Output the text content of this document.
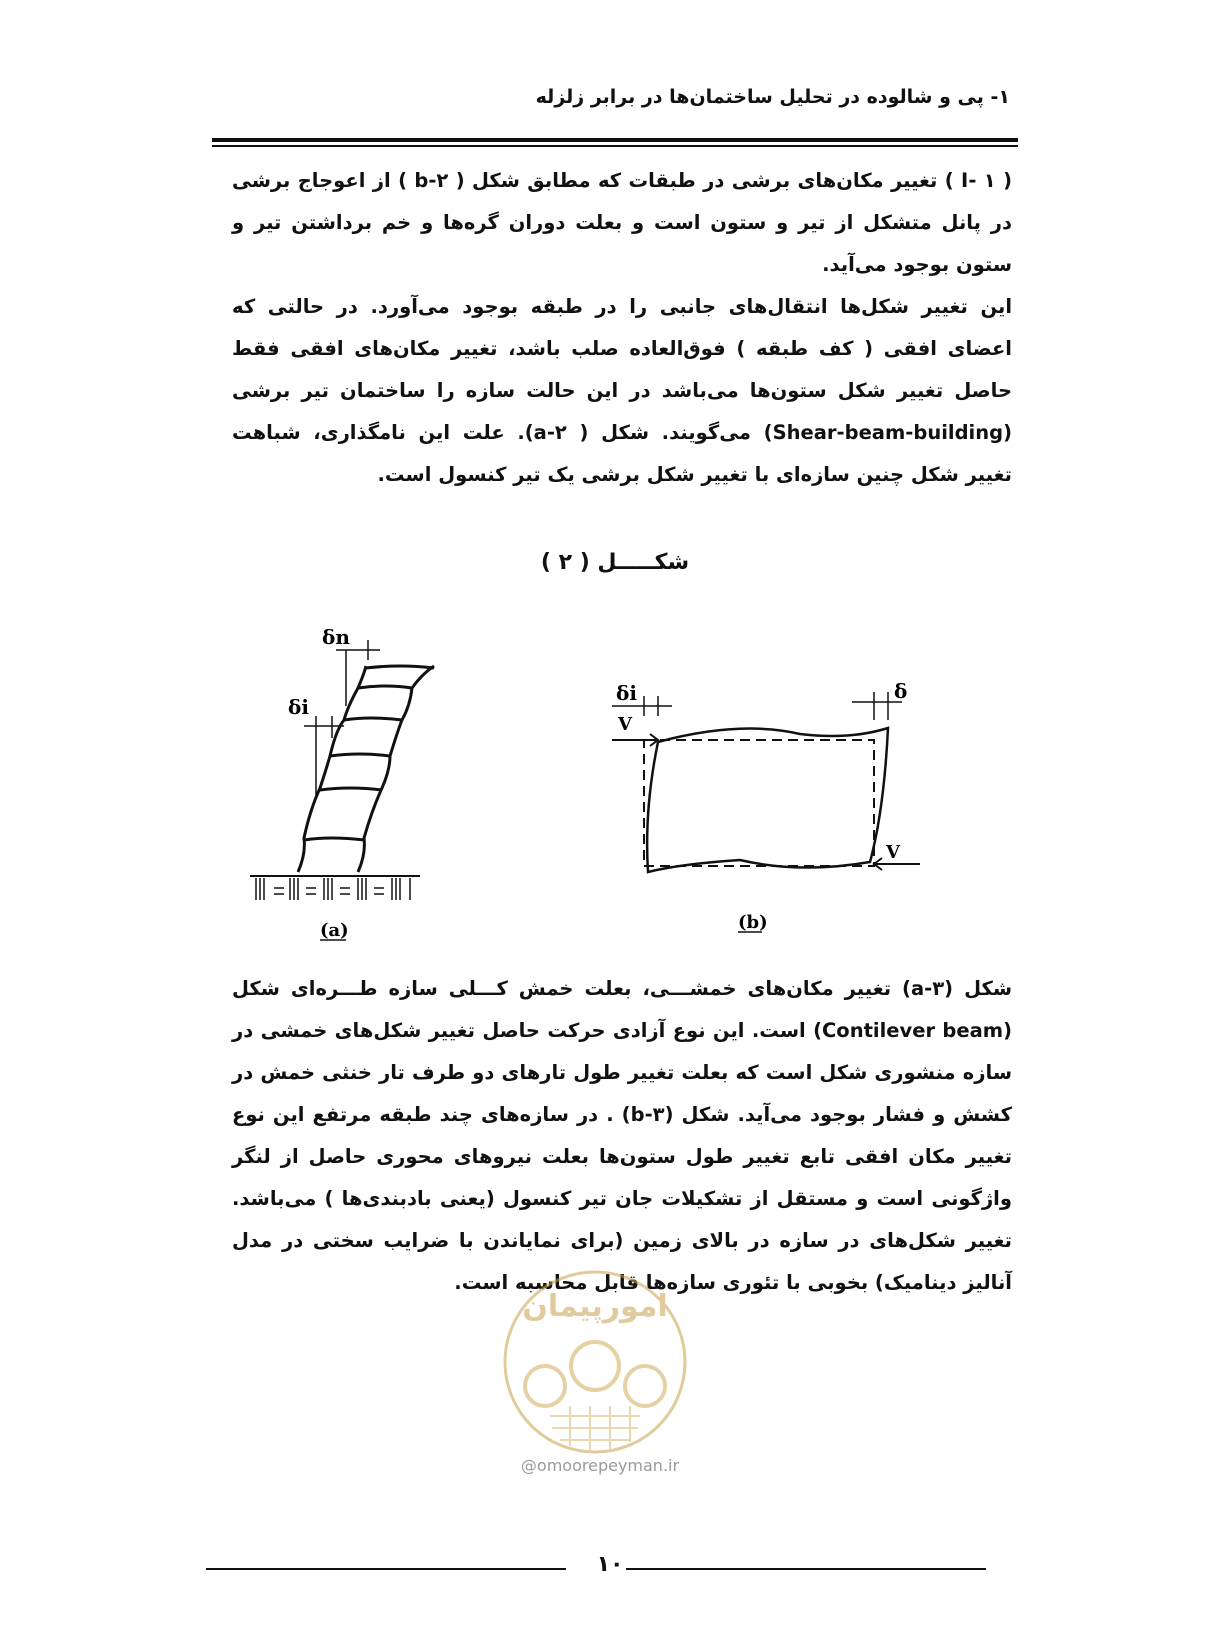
۱- پی و شالوده در تحلیل ساختمان‌ها در برابر زلزله

( ۱ -I ) تغییر مکان‌های برشی در طبقات که مطابق شکل ( ۲-b ) از اعوجاج برشی در پانل متشکل از تیر و ستون است و بعلت دوران گره‌ها و خم برداشتن تیر و ستون بوجود می‌آید.

این تغییر شکل‌ها انتقال‌های جانبی را در طبقه بوجود می‌آورد. در حالتی که اعضای افقی ( کف طبقه ) فوق‌العاده صلب باشد، تغییر مکان‌های افقی فقط حاصل تغییر شکل ستون‌ها می‌باشد در این حالت سازه را ساختمان تیر برشی (Shear-beam-building) می‌گویند. شکل ( ۲-a). علت این نامگذاری، شباهت تغییر شکل چنین سازه‌ای با تغییر شکل برشی یک تیر کنسول است.

شکـــــل ( ۲ )
δn
δi
(a)
δi	δ
V
V
(b)

شکل (۳-a) تغییر مکان‌های خمشـــی، بعلت خمش کـــلی سازه طـــره‌ای شکل (Contilever beam) است. این نوع آزادی حرکت حاصل تغییر شکل‌های خمشی در سازه منشوری شکل است که بعلت تغییر طول تارهای دو طرف تار خنثی خمش در کشش و فشار بوجود می‌آید. شکل (۳-b) . در سازه‌های چند طبقه مرتفع این نوع تغییر مکان افقی تابع تغییر طول ستون‌ها بعلت نیروهای محوری حاصل از لنگر واژگونی است و مستقل از تشکیلات جان تیر کنسول (یعنی بادبندی‌ها ) می‌باشد. تغییر شکل‌های در سازه در بالای زمین (برای نمایاندن با ضرایب سختی در مدل آنالیز دینامیک) بخوبی با تئوری سازه‌ها قابل محاسبه است.

امورپیمان
@omoorepeyman.ir
۱۰
